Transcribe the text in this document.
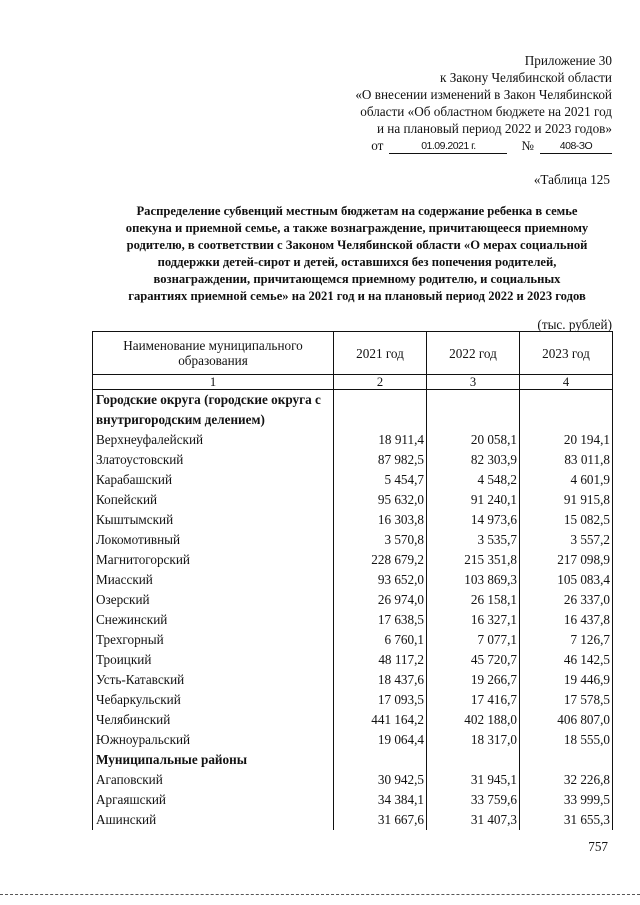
Приложение 30
к Закону Челябинской области
«О внесении изменений в Закон Челябинской
области «Об областном бюджете на 2021 год
и на плановый период 2022 и 2023 годов»
от	01.09.2021 г.	№	408-ЗО
«Таблица 125
Распределение субвенций местным бюджетам на содержание ребенка в семье
опекуна и приемной семье, а также вознаграждение, причитающееся приемному
родителю, в соответствии с Законом Челябинской области «О мерах социальной
поддержки детей-сирот и детей, оставшихся без попечения родителей,
вознаграждении, причитающемся приемному родителю, и социальных
гарантиях приемной семье» на 2021 год и на плановый период 2022 и 2023 годов
(тыс. рублей)
Наименование муниципального образования	2021 год	2022 год	2023 год
1	2	3	4
Городские округа (городские округа с внутригородским делением)			
Верхнеуфалейский	18 911,4	20 058,1	20 194,1
Златоустовский	87 982,5	82 303,9	83 011,8
Карабашский	5 454,7	4 548,2	4 601,9
Копейский	95 632,0	91 240,1	91 915,8
Кыштымский	16 303,8	14 973,6	15 082,5
Локомотивный	3 570,8	3 535,7	3 557,2
Магнитогорский	228 679,2	215 351,8	217 098,9
Миасский	93 652,0	103 869,3	105 083,4
Озерский	26 974,0	26 158,1	26 337,0
Снежинский	17 638,5	16 327,1	16 437,8
Трехгорный	6 760,1	7 077,1	7 126,7
Троицкий	48 117,2	45 720,7	46 142,5
Усть-Катавский	18 437,6	19 266,7	19 446,9
Чебаркульский	17 093,5	17 416,7	17 578,5
Челябинский	441 164,2	402 188,0	406 807,0
Южноуральский	19 064,4	18 317,0	18 555,0
Муниципальные районы			
Агаповский	30 942,5	31 945,1	32 226,8
Аргаяшский	34 384,1	33 759,6	33 999,5
Ашинский	31 667,6	31 407,3	31 655,3
757
